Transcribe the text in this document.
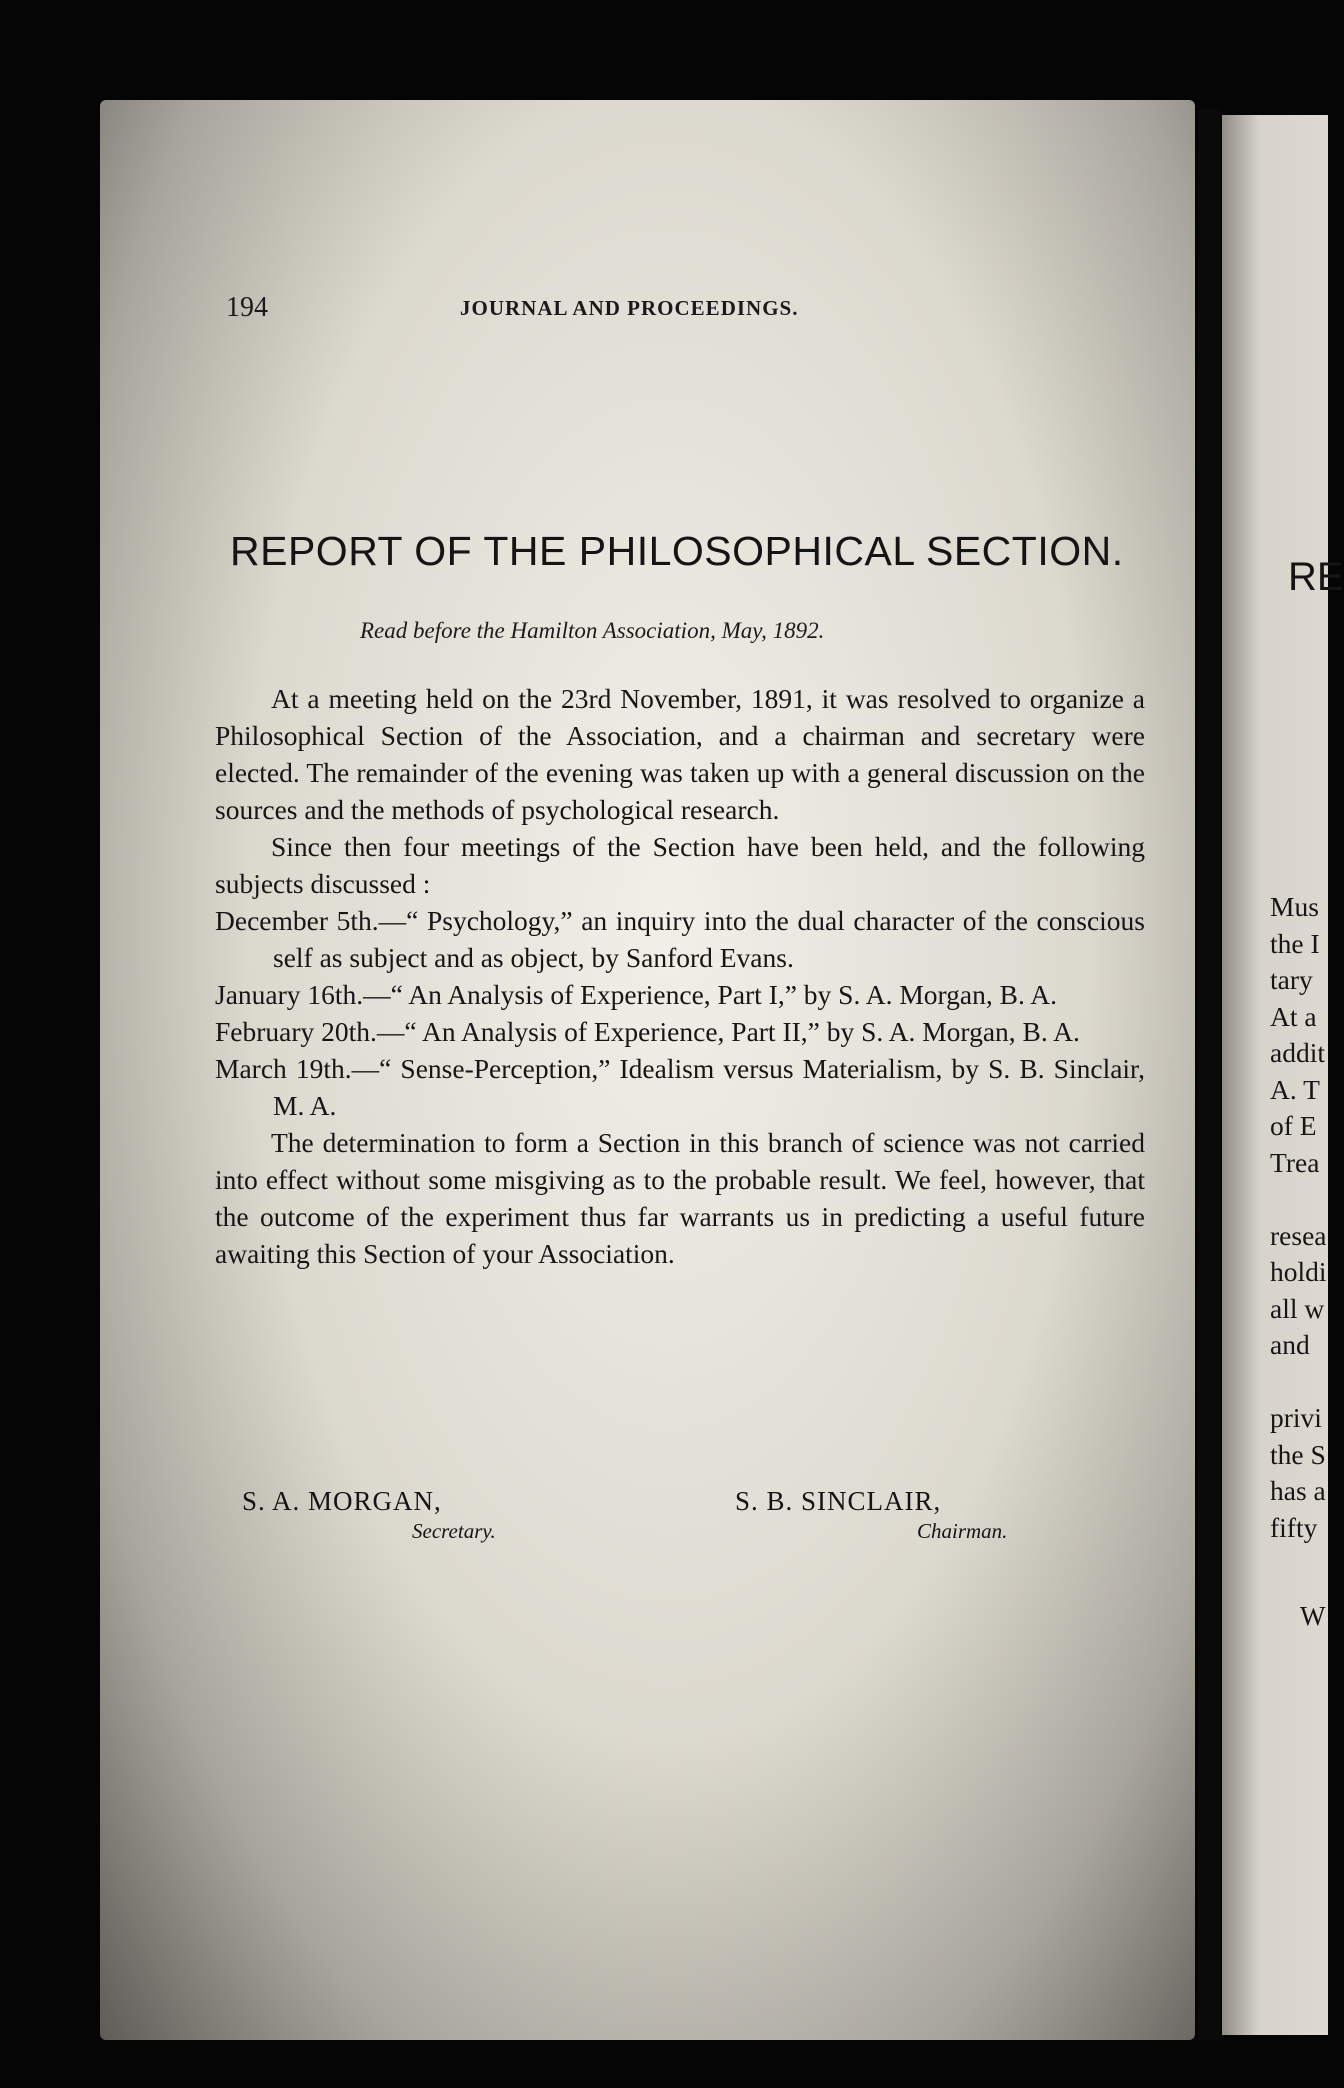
194	JOURNAL AND PROCEEDINGS.
REPORT OF THE PHILOSOPHICAL SECTION.
Read before the Hamilton Association, May, 1892.

At a meeting held on the 23rd November, 1891, it was resolved to organize a Philosophical Section of the Association, and a chairman and secretary were elected. The remainder of the evening was taken up with a general discussion on the sources and the methods of psychological research.

Since then four meetings of the Section have been held, and the following subjects discussed :

December 5th.—“ Psychology,” an inquiry into the dual character of the conscious self as subject and as object, by Sanford Evans.

January 16th.—“ An Analysis of Experience, Part I,” by S. A. Morgan, B. A.

February 20th.—“ An Analysis of Experience, Part II,” by S. A. Morgan, B. A.

March 19th.—“ Sense-Perception,” Idealism versus Materialism, by S. B. Sinclair, M. A.

The determination to form a Section in this branch of science was not carried into effect without some misgiving as to the probable result. We feel, however, that the outcome of the experiment thus far warrants us in predicting a useful future awaiting this Section of your Association.

S. A. MORGAN,
Secretary.
S. B. SINCLAIR,
Chairman.
RE
Mus
the I
tary
At a
addit
A. T
of E
Trea
resea
holdi
all w
and
privi
the S
has a
fifty
W
